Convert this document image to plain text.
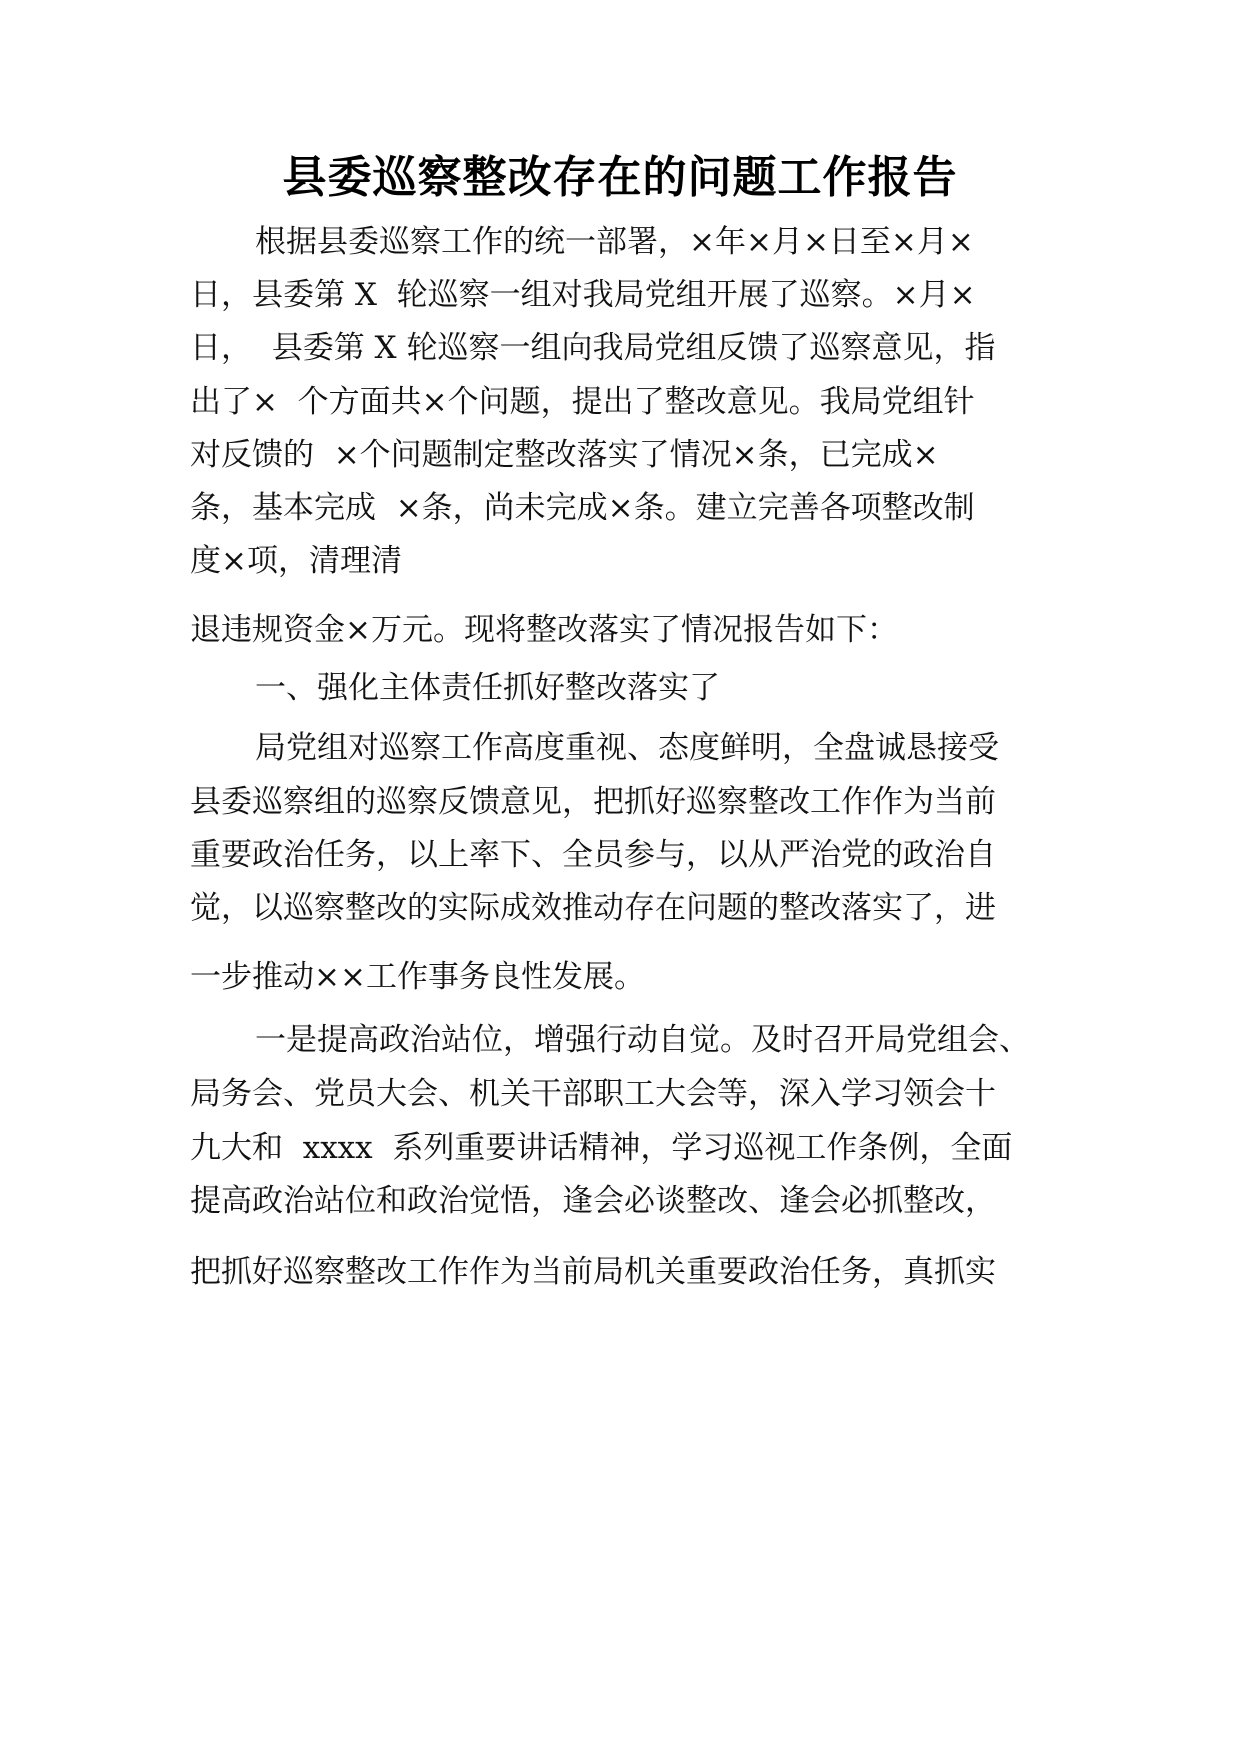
县委巡察整改存在的问题工作报告
根据县委巡察工作的统一部署，×年×月×日至×月×
日，县委第 X  轮巡察一组对我局党组开展了巡察。×月×
日，  县委第 X 轮巡察一组向我局党组反馈了巡察意见，指
出了×  个方面共×个问题，提出了整改意见。我局党组针
对反馈的  ×个问题制定整改落实了情况×条，已完成×
条，基本完成  ×条，尚未完成×条。建立完善各项整改制
度×项，清理清
退违规资金×万元。现将整改落实了情况报告如下：
一、强化主体责任抓好整改落实了
局党组对巡察工作高度重视、态度鲜明，全盘诚恳接受
县委巡察组的巡察反馈意见，把抓好巡察整改工作作为当前
重要政治任务，以上率下、全员参与，以从严治党的政治自
觉，以巡察整改的实际成效推动存在问题的整改落实了，进
一步推动××工作事务良性发展。
一是提高政治站位，增强行动自觉。及时召开局党组会、
局务会、党员大会、机关干部职工大会等，深入学习领会十
九大和  xxxx  系列重要讲话精神，学习巡视工作条例，全面
提高政治站位和政治觉悟，逢会必谈整改、逢会必抓整改，
把抓好巡察整改工作作为当前局机关重要政治任务，真抓实
